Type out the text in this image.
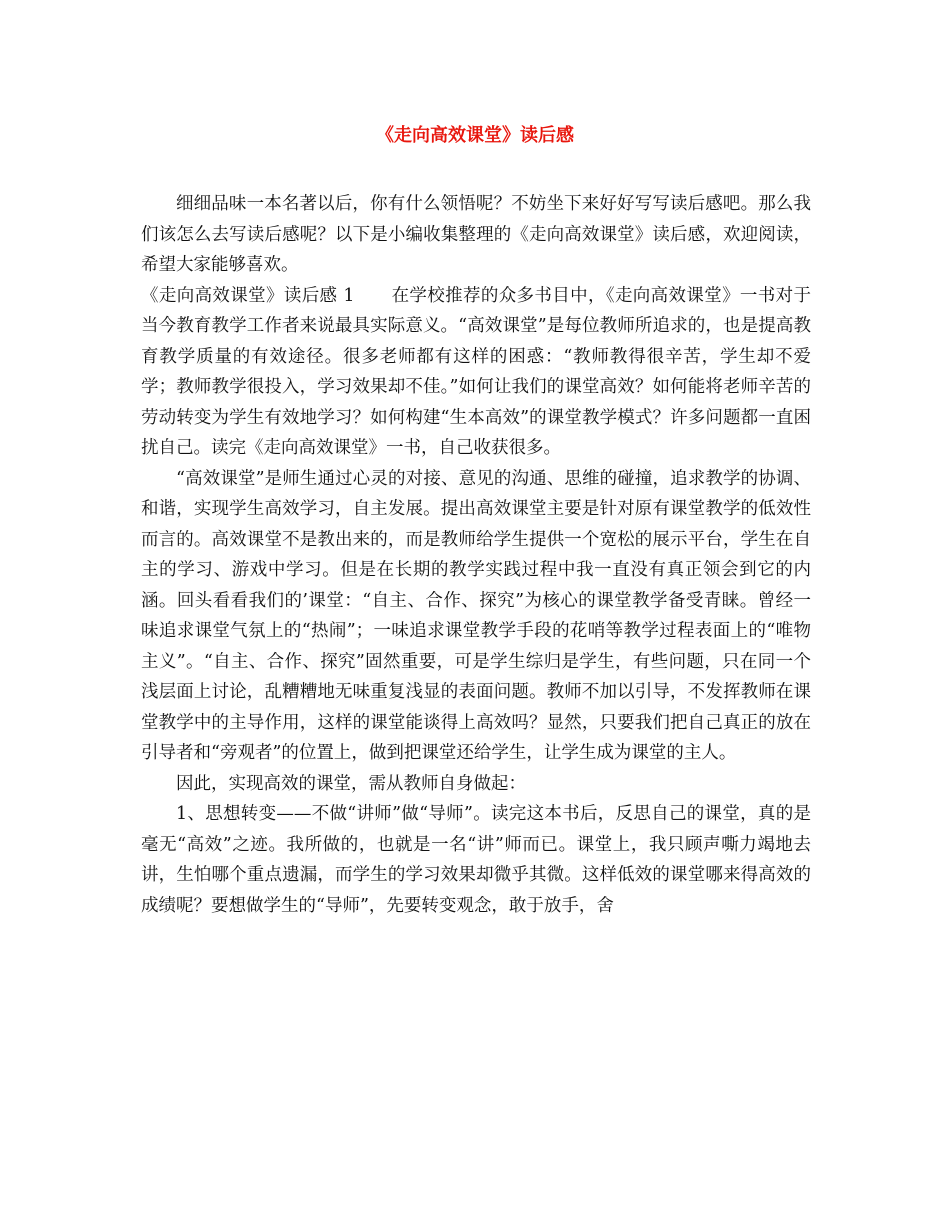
《走向高效课堂》读后感

细细品味一本名著以后，你有什么领悟呢？不妨坐下来好好写写读后感吧。那么我们该怎么去写读后感呢？以下是小编收集整理的《走向高效课堂》读后感，欢迎阅读，希望大家能够喜欢。

《走向高效课堂》读后感 1 在学校推荐的众多书目中，《走向高效课堂》一书对于当今教育教学工作者来说最具实际意义。“高效课堂”是每位教师所追求的，也是提高教育教学质量的有效途径。很多老师都有这样的困惑：“教师教得很辛苦，学生却不爱学；教师教学很投入，学习效果却不佳。”如何让我们的课堂高效？如何能将老师辛苦的劳动转变为学生有效地学习？如何构建“生本高效”的课堂教学模式？许多问题都一直困扰自己。读完《走向高效课堂》一书，自己收获很多。

“高效课堂”是师生通过心灵的对接、意见的沟通、思维的碰撞，追求教学的协调、和谐，实现学生高效学习，自主发展。提出高效课堂主要是针对原有课堂教学的低效性而言的。高效课堂不是教出来的，而是教师给学生提供一个宽松的展示平台，学生在自主的学习、游戏中学习。但是在长期的教学实践过程中我一直没有真正领会到它的内涵。回头看看我们的’课堂：“自主、合作、探究”为核心的课堂教学备受青睐。曾经一味追求课堂气氛上的“热闹”；一味追求课堂教学手段的花哨等教学过程表面上的“唯物主义”。“自主、合作、探究”固然重要，可是学生综归是学生，有些问题，只在同一个浅层面上讨论，乱糟糟地无味重复浅显的表面问题。教师不加以引导，不发挥教师在课堂教学中的主导作用，这样的课堂能谈得上高效吗？显然，只要我们把自己真正的放在引导者和“旁观者”的位置上，做到把课堂还给学生，让学生成为课堂的主人。

因此，实现高效的课堂，需从教师自身做起：

1、思想转变——不做“讲师”做“导师”。读完这本书后，反思自己的课堂，真的是毫无“高效”之迹。我所做的，也就是一名“讲”师而已。课堂上，我只顾声嘶力竭地去讲，生怕哪个重点遗漏，而学生的学习效果却微乎其微。这样低效的课堂哪来得高效的成绩呢？要想做学生的“导师”，先要转变观念，敢于放手，舍
